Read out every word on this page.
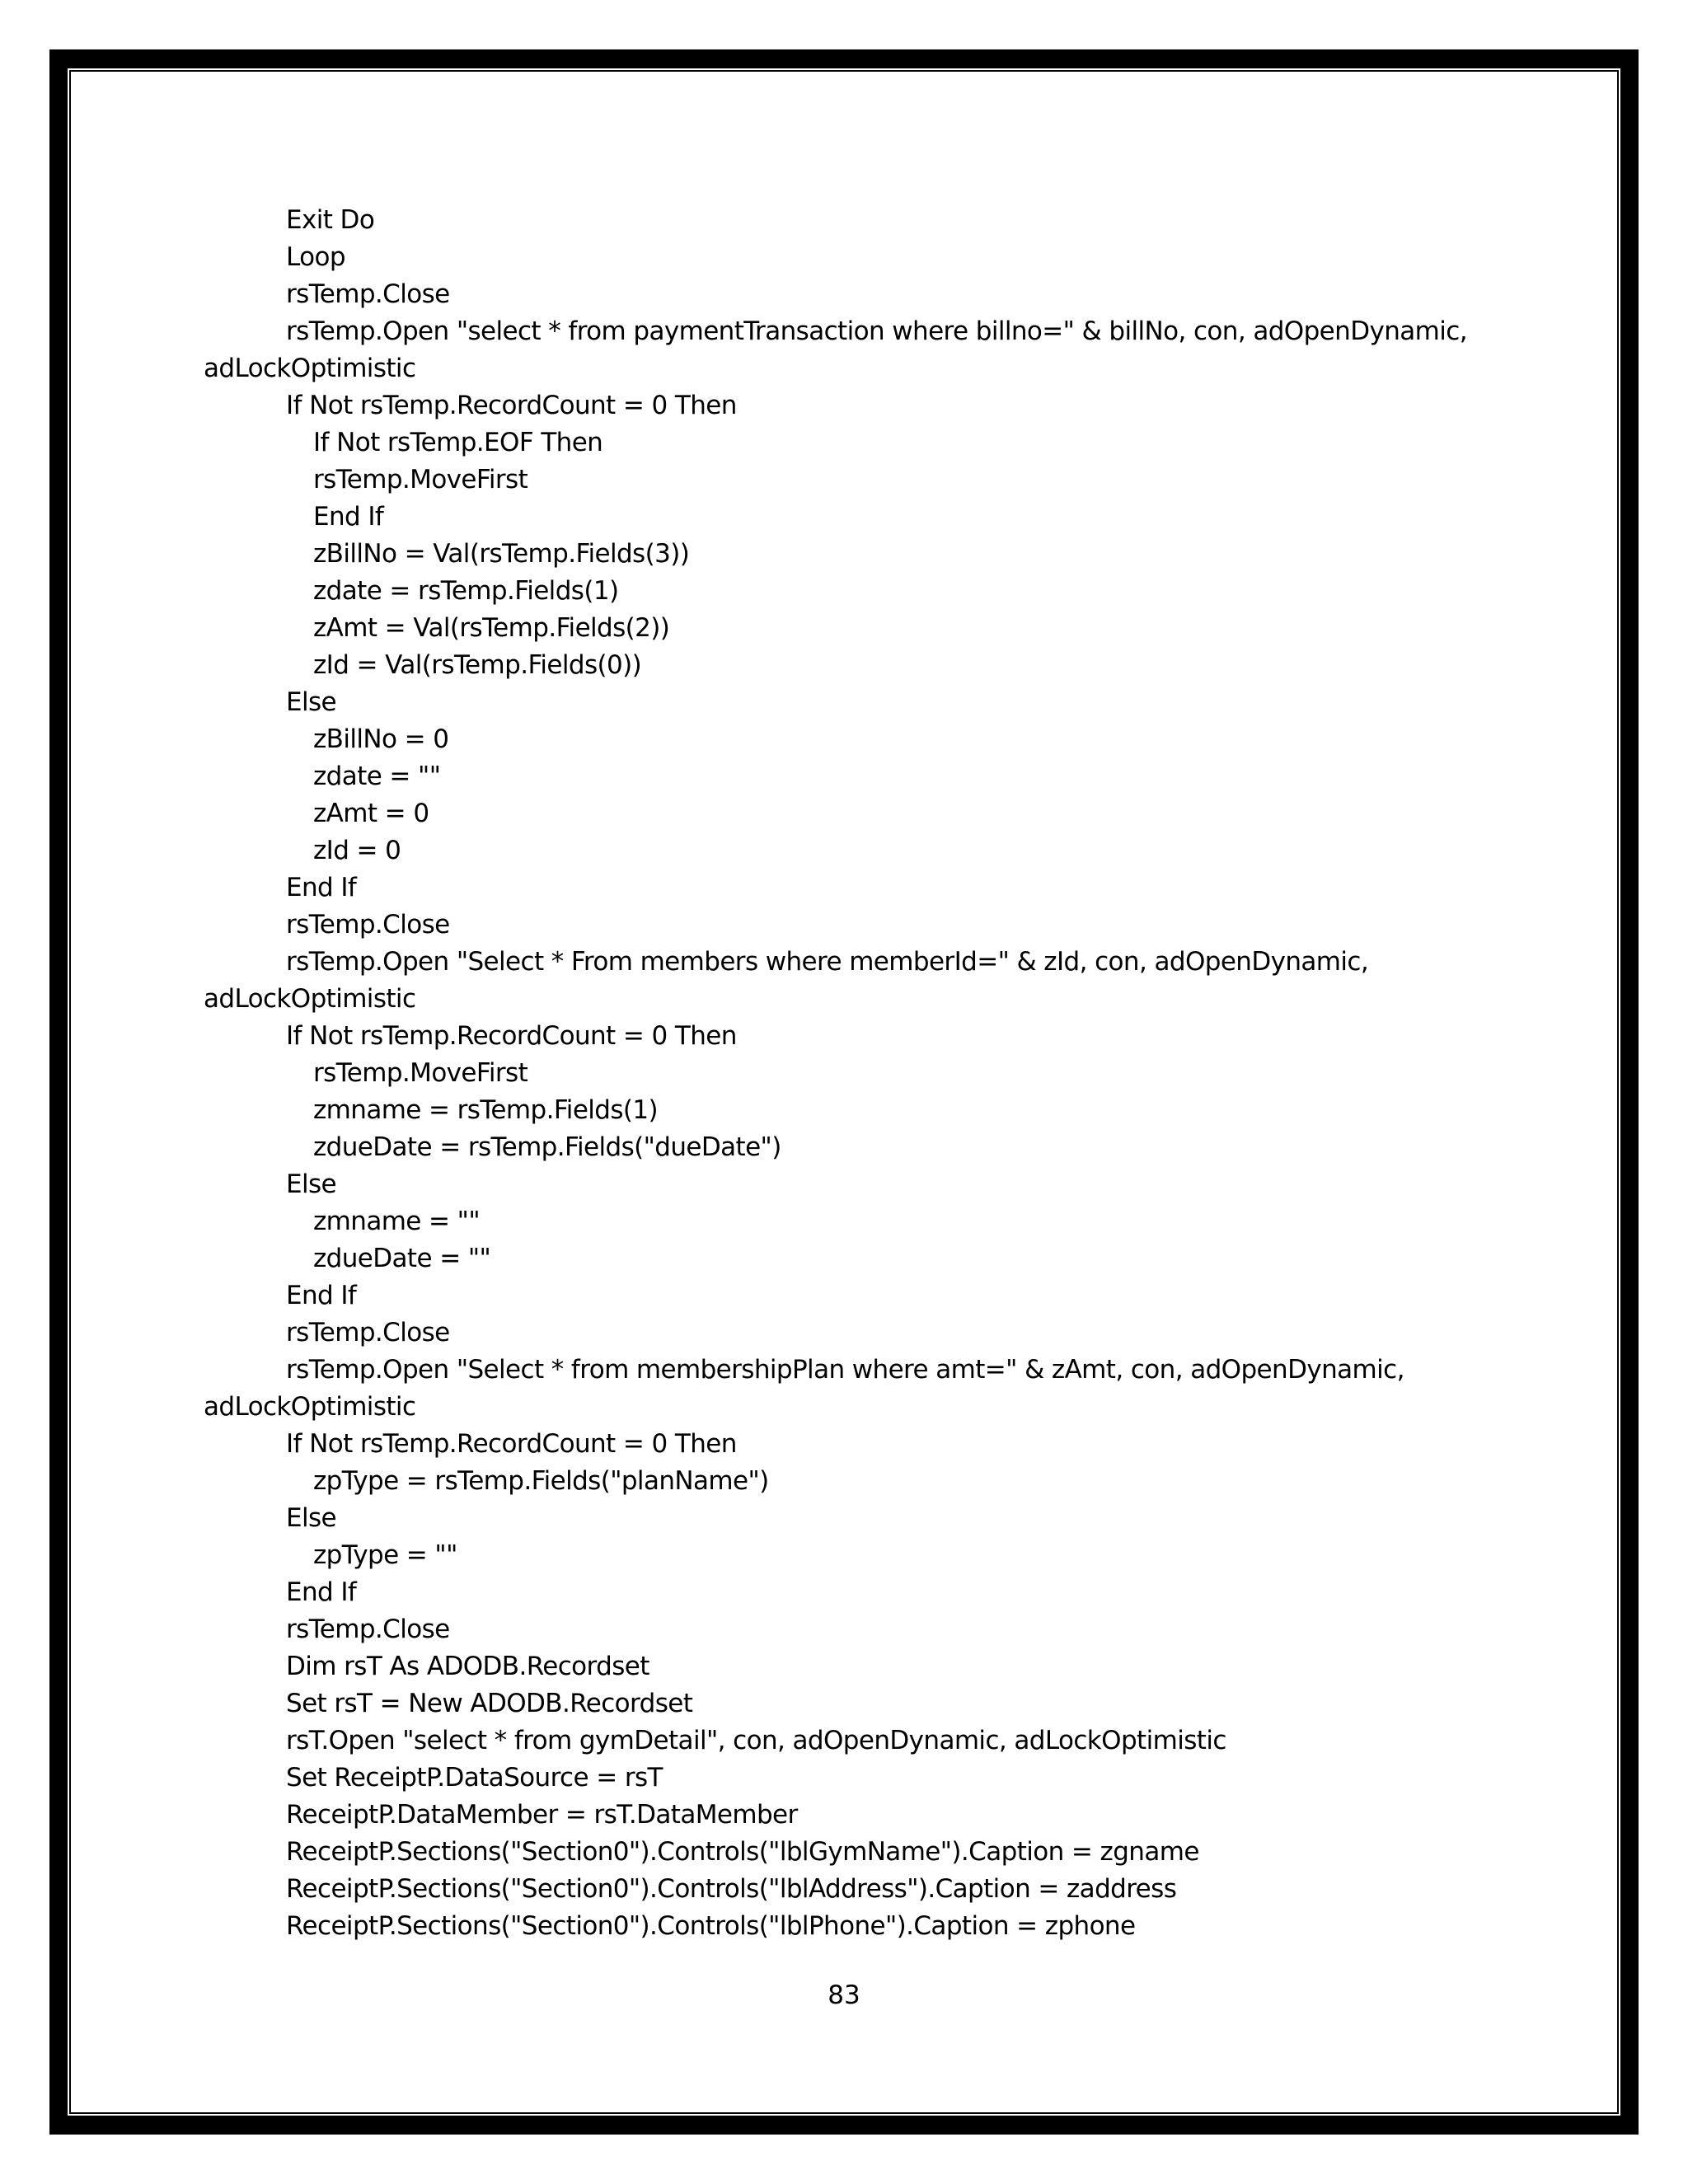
Exit Do
Loop
rsTemp.Close
rsTemp.Open "select * from paymentTransaction where billno=" & billNo, con, adOpenDynamic,
adLockOptimistic
If Not rsTemp.RecordCount = 0 Then
If Not rsTemp.EOF Then
rsTemp.MoveFirst
End If
zBillNo = Val(rsTemp.Fields(3))
zdate = rsTemp.Fields(1)
zAmt = Val(rsTemp.Fields(2))
zId = Val(rsTemp.Fields(0))
Else
zBillNo = 0
zdate = ""
zAmt = 0
zId = 0
End If
rsTemp.Close
rsTemp.Open "Select * From members where memberId=" & zId, con, adOpenDynamic,
adLockOptimistic
If Not rsTemp.RecordCount = 0 Then
rsTemp.MoveFirst
zmname = rsTemp.Fields(1)
zdueDate = rsTemp.Fields("dueDate")
Else
zmname = ""
zdueDate = ""
End If
rsTemp.Close
rsTemp.Open "Select * from membershipPlan where amt=" & zAmt, con, adOpenDynamic,
adLockOptimistic
If Not rsTemp.RecordCount = 0 Then
zpType = rsTemp.Fields("planName")
Else
zpType = ""
End If
rsTemp.Close
Dim rsT As ADODB.Recordset
Set rsT = New ADODB.Recordset
rsT.Open "select * from gymDetail", con, adOpenDynamic, adLockOptimistic
Set ReceiptP.DataSource = rsT
ReceiptP.DataMember = rsT.DataMember
ReceiptP.Sections("Section0").Controls("lblGymName").Caption = zgname
ReceiptP.Sections("Section0").Controls("lblAddress").Caption = zaddress
ReceiptP.Sections("Section0").Controls("lblPhone").Caption = zphone
83
